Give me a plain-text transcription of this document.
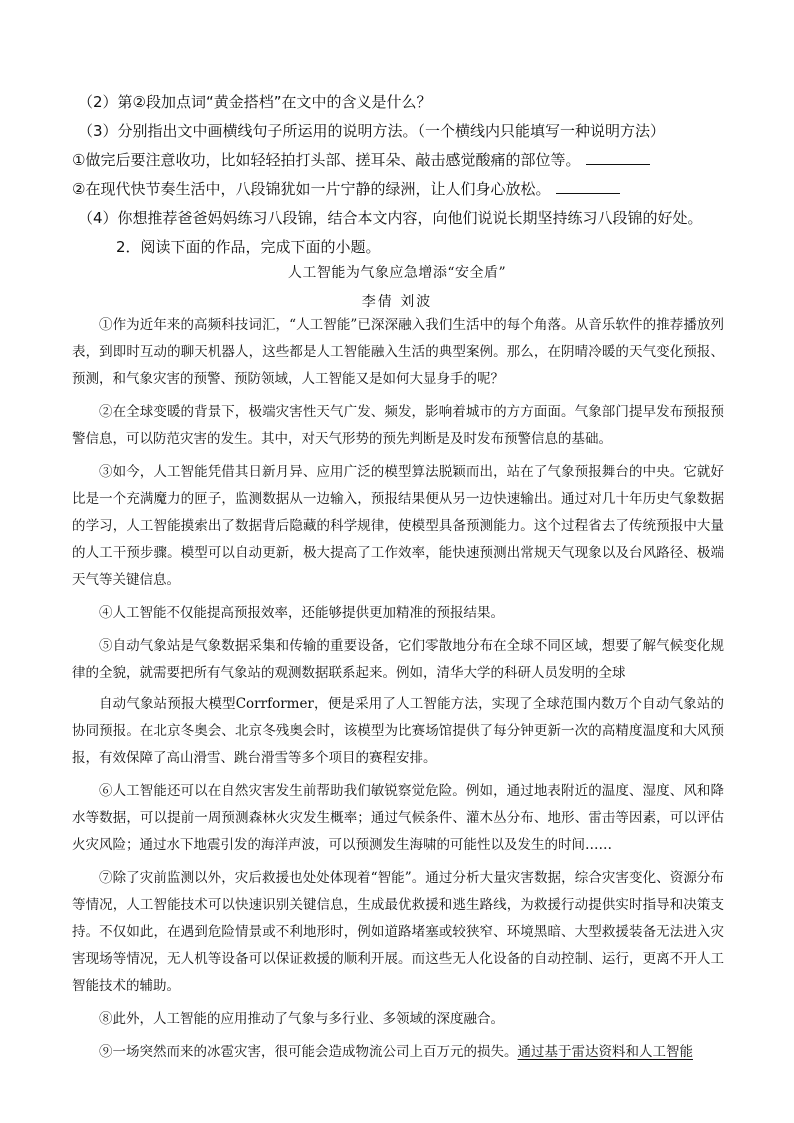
（2）第②段加点词“黄金搭档”在文中的含义是什么？
（3）分别指出文中画横线句子所运用的说明方法。（一个横线内只能填写一种说明方法）
①做完后要注意收功，比如轻轻拍打头部、搓耳朵、敲击感觉酸痛的部位等。
②在现代快节奏生活中，八段锦犹如一片宁静的绿洲，让人们身心放松。
（4）你想推荐爸爸妈妈练习八段锦，结合本文内容，向他们说说长期坚持练习八段锦的好处。
2．阅读下面的作品，完成下面的小题。
人工智能为气象应急增添“安全盾”
李倩 刘波

①作为近年来的高频科技词汇，“人工智能”已深深融入我们生活中的每个角落。从音乐软件的推荐播放列表，到即时互动的聊天机器人，这些都是人工智能融入生活的典型案例。那么，在阴晴冷暖的天气变化预报、预测，和气象灾害的预警、预防领域，人工智能又是如何大显身手的呢？

②在全球变暖的背景下，极端灾害性天气广发、频发，影响着城市的方方面面。气象部门提早发布预报预警信息，可以防范灾害的发生。其中，对天气形势的预先判断是及时发布预警信息的基础。

③如今，人工智能凭借其日新月异、应用广泛的模型算法脱颖而出，站在了气象预报舞台的中央。它就好比是一个充满魔力的匣子，监测数据从一边输入，预报结果便从另一边快速输出。通过对几十年历史气象数据的学习，人工智能摸索出了数据背后隐藏的科学规律，使模型具备预测能力。这个过程省去了传统预报中大量的人工干预步骤。模型可以自动更新，极大提高了工作效率，能快速预测出常规天气现象以及台风路径、极端天气等关键信息。

④人工智能不仅能提高预报效率，还能够提供更加精准的预报结果。

⑤自动气象站是气象数据采集和传输的重要设备，它们零散地分布在全球不同区域，想要了解气候变化规律的全貌，就需要把所有气象站的观测数据联系起来。例如，清华大学的科研人员发明的全球

自动气象站预报大模型Corrformer，便是采用了人工智能方法，实现了全球范围内数万个自动气象站的协同预报。在北京冬奥会、北京冬残奥会时，该模型为比赛场馆提供了每分钟更新一次的高精度温度和大风预报，有效保障了高山滑雪、跳台滑雪等多个项目的赛程安排。

⑥人工智能还可以在自然灾害发生前帮助我们敏锐察觉危险。例如，通过地表附近的温度、湿度、风和降水等数据，可以提前一周预测森林火灾发生概率；通过气候条件、灌木丛分布、地形、雷击等因素，可以评估火灾风险；通过水下地震引发的海洋声波，可以预测发生海啸的可能性以及发生的时间……

⑦除了灾前监测以外，灾后救援也处处体现着“智能”。通过分析大量灾害数据，综合灾害变化、资源分布等情况，人工智能技术可以快速识别关键信息，生成最优救援和逃生路线，为救援行动提供实时指导和决策支持。不仅如此，在遇到危险情景或不利地形时，例如道路堵塞或较狭窄、环境黑暗、大型救援装备无法进入灾害现场等情况，无人机等设备可以保证救援的顺利开展。而这些无人化设备的自动控制、运行，更离不开人工智能技术的辅助。

⑧此外，人工智能的应用推动了气象与多行业、多领域的深度融合。

⑨一场突然而来的冰雹灾害，很可能会造成物流公司上百万元的损失。通过基于雷达资料和人工智能
